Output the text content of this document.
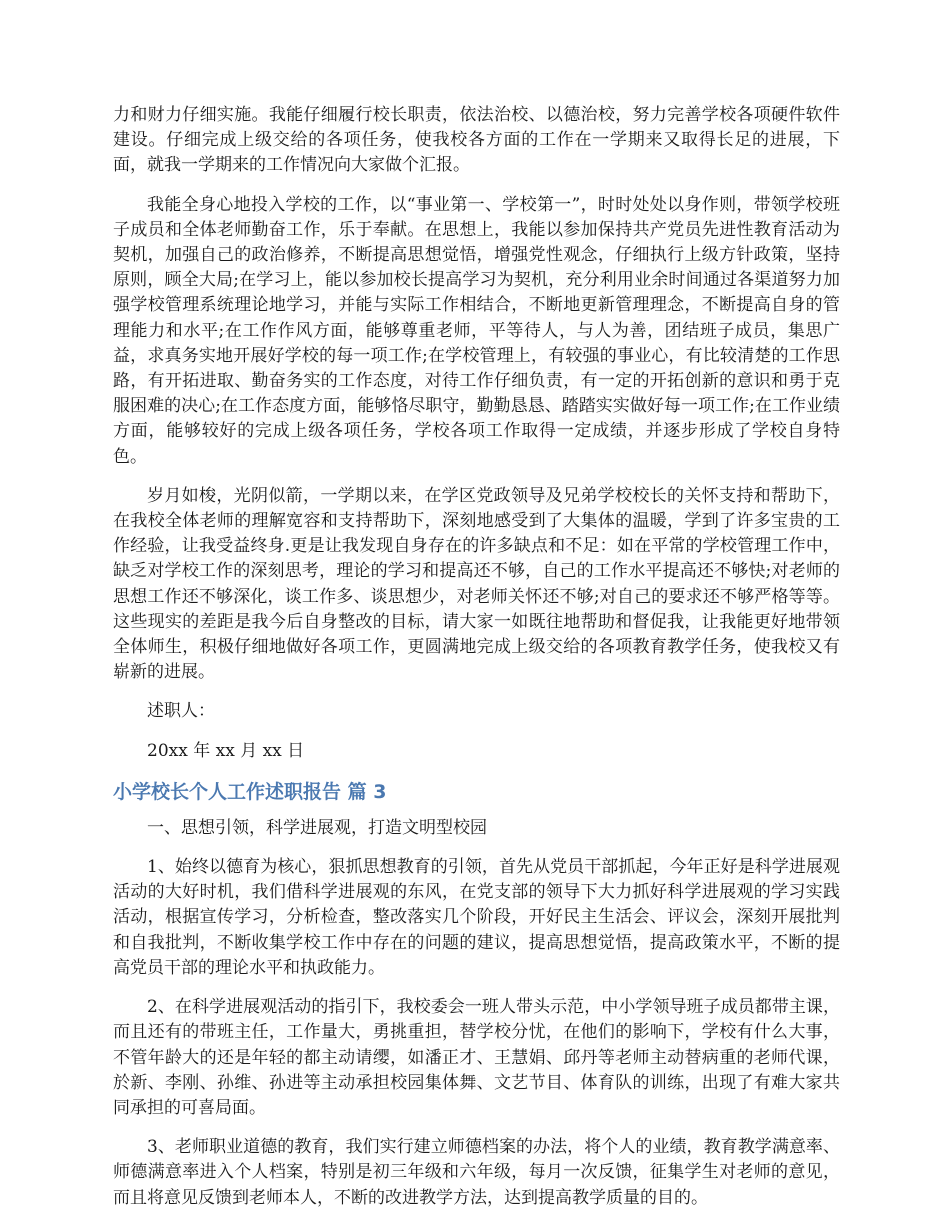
力和财力仔细实施。我能仔细履行校长职责，依法治校、以德治校，努力完善学校各项硬件软件建设。仔细完成上级交给的各项任务，使我校各方面的工作在一学期来又取得长足的进展，下面，就我一学期来的工作情况向大家做个汇报。

我能全身心地投入学校的工作，以“事业第一、学校第一”，时时处处以身作则，带领学校班子成员和全体老师勤奋工作，乐于奉献。在思想上，我能以参加保持共产党员先进性教育活动为契机，加强自己的政治修养，不断提高思想觉悟，增强党性观念，仔细执行上级方针政策，坚持原则，顾全大局;在学习上，能以参加校长提高学习为契机，充分利用业余时间通过各渠道努力加强学校管理系统理论地学习，并能与实际工作相结合，不断地更新管理理念，不断提高自身的管理能力和水平;在工作作风方面，能够尊重老师，平等待人，与人为善，团结班子成员，集思广益，求真务实地开展好学校的每一项工作;在学校管理上，有较强的事业心，有比较清楚的工作思路，有开拓进取、勤奋务实的工作态度，对待工作仔细负责，有一定的开拓创新的意识和勇于克服困难的决心;在工作态度方面，能够恪尽职守，勤勤恳恳、踏踏实实做好每一项工作;在工作业绩方面，能够较好的完成上级各项任务，学校各项工作取得一定成绩，并逐步形成了学校自身特色。

岁月如梭，光阴似箭，一学期以来，在学区党政领导及兄弟学校校长的关怀支持和帮助下，在我校全体老师的理解宽容和支持帮助下，深刻地感受到了大集体的温暖，学到了许多宝贵的工作经验，让我受益终身.更是让我发现自身存在的许多缺点和不足：如在平常的学校管理工作中，缺乏对学校工作的深刻思考，理论的学习和提高还不够，自己的工作水平提高还不够快;对老师的思想工作还不够深化，谈工作多、谈思想少，对老师关怀还不够;对自己的要求还不够严格等等。这些现实的差距是我今后自身整改的目标，请大家一如既往地帮助和督促我，让我能更好地带领全体师生，积极仔细地做好各项工作，更圆满地完成上级交给的各项教育教学任务，使我校又有崭新的进展。

述职人：

20xx 年 xx 月 xx 日

小学校长个人工作述职报告 篇 3

一、思想引领，科学进展观，打造文明型校园

1、始终以德育为核心，狠抓思想教育的引领，首先从党员干部抓起，今年正好是科学进展观活动的大好时机，我们借科学进展观的东风，在党支部的领导下大力抓好科学进展观的学习实践活动，根据宣传学习，分析检查，整改落实几个阶段，开好民主生活会、评议会，深刻开展批判和自我批判，不断收集学校工作中存在的问题的建议，提高思想觉悟，提高政策水平，不断的提高党员干部的理论水平和执政能力。

2、在科学进展观活动的指引下，我校委会一班人带头示范，中小学领导班子成员都带主课，而且还有的带班主任，工作量大，勇挑重担，替学校分忧，在他们的影响下，学校有什么大事，不管年龄大的还是年轻的都主动请缨，如潘正才、王慧娟、邱丹等老师主动替病重的老师代课，於新、李刚、孙维、孙进等主动承担校园集体舞、文艺节目、体育队的训练，出现了有难大家共同承担的可喜局面。

3、老师职业道德的教育，我们实行建立师德档案的办法，将个人的业绩，教育教学满意率、师德满意率进入个人档案，特别是初三年级和六年级，每月一次反馈，征集学生对老师的意见，而且将意见反馈到老师本人，不断的改进教学方法，达到提高教学质量的目的。
